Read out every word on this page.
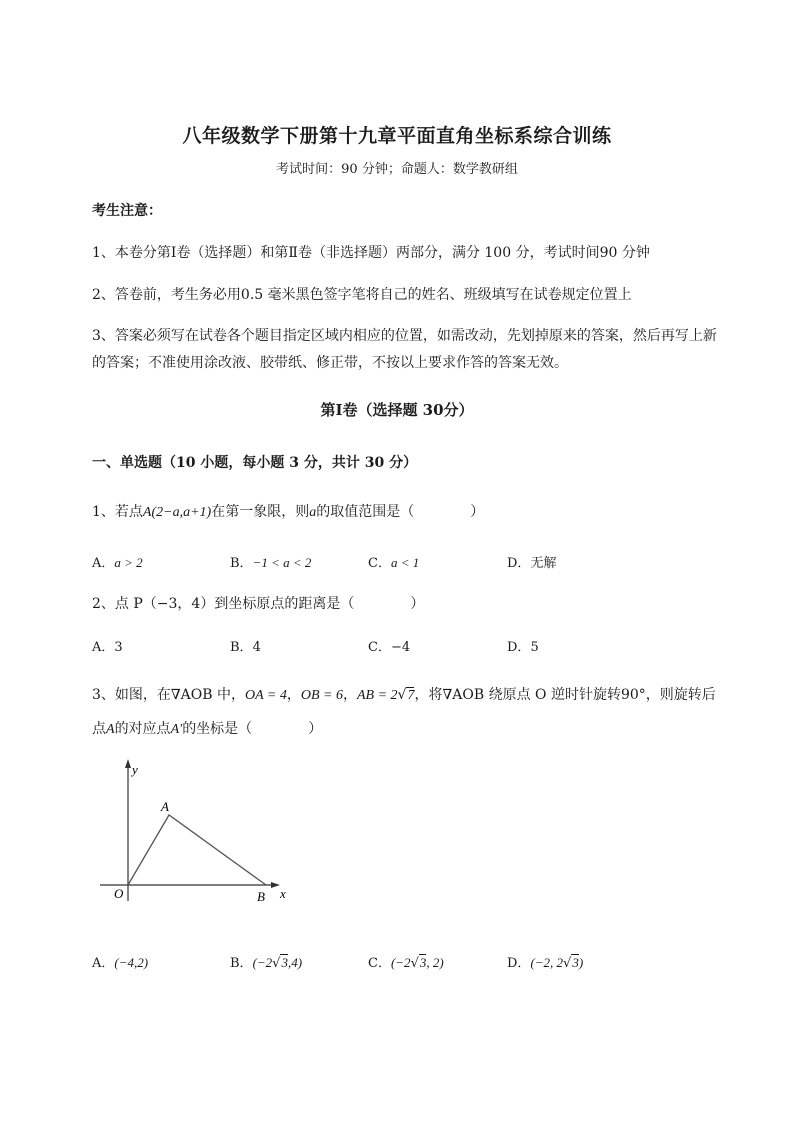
八年级数学下册第十九章平面直角坐标系综合训练
考试时间：90 分钟；命题人：数学教研组
考生注意：
1、本卷分第Ⅰ卷（选择题）和第Ⅱ卷（非选择题）两部分，满分 100 分，考试时间90 分钟
2、答卷前，考生务必用0.5 毫米黑色签字笔将自己的姓名、班级填写在试卷规定位置上
3、答案必须写在试卷各个题目指定区域内相应的位置，如需改动，先划掉原来的答案，然后再写上新
的答案；不准使用涂改液、胶带纸、修正带，不按以上要求作答的答案无效。
第Ⅰ卷（选择题 30分）
一、单选题（10 小题，每小题 3 分，共计 30 分）
1、若点A(2−a,a+1)在第一象限，则a的取值范围是（	）
A．a > 2	B．−1 < a < 2	C．a < 1	D．无解
2、点 P（−3，4）到坐标原点的距离是（	）
A．3	B．4	C．−4	D．5
3、如图，在∇AOB 中，OA = 4，OB = 6，AB = 2√7，将∇AOB 绕原点 O 逆时针旋转90°，则旋转后
点A的对应点A′的坐标是（	）
y
x
O
A
B
A．(−4,2)	B．(−2√3,4)	C．(−2√3, 2)	D．(−2, 2√3)
